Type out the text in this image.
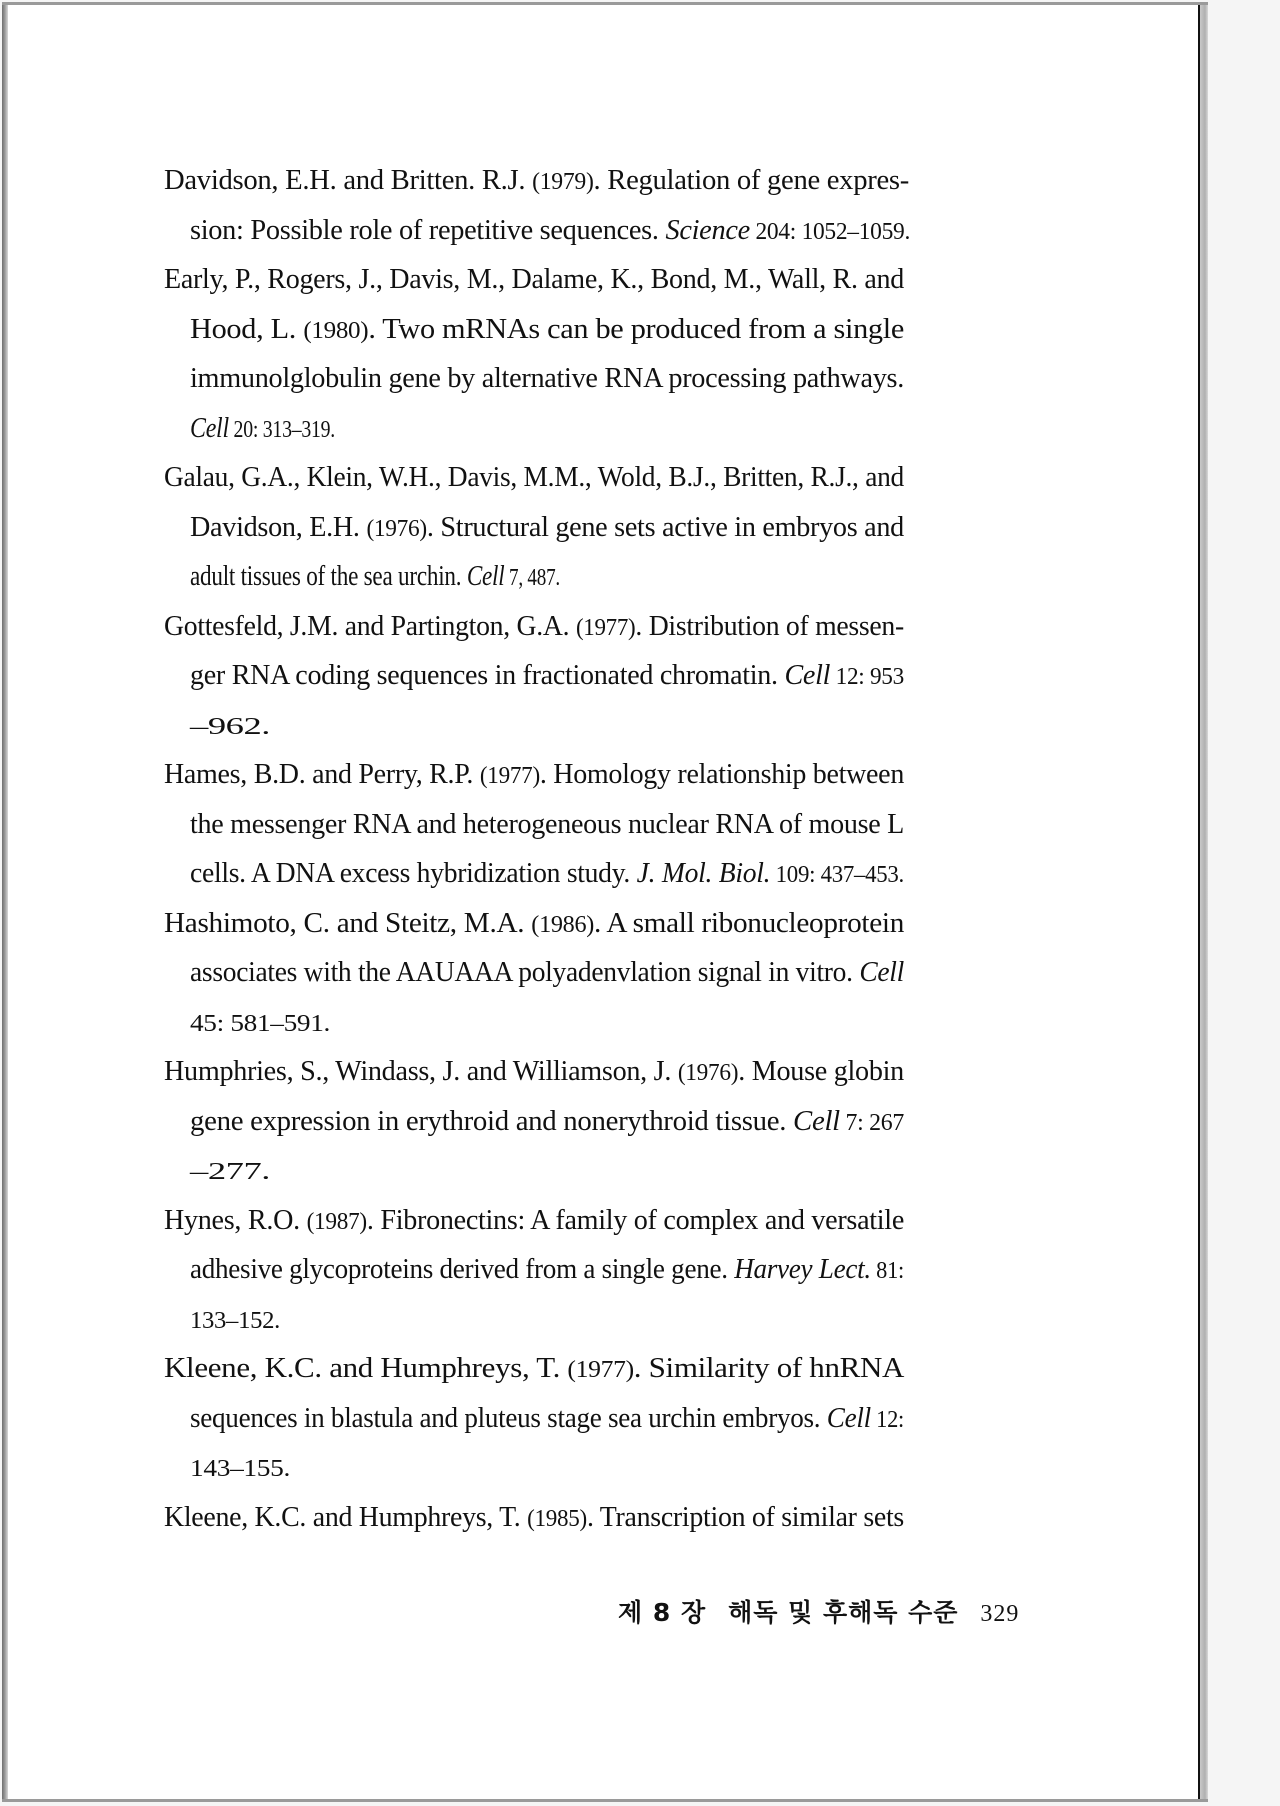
Davidson, E.H. and Britten. R.J. (1979). Regulation of gene expres-
sion: Possible role of repetitive sequences. Science 204: 1052–1059.
Early, P., Rogers, J., Davis, M., Dalame, K., Bond, M., Wall, R. and
Hood, L. (1980). Two mRNAs can be produced from a single
immunolglobulin gene by alternative RNA processing pathways.
Cell 20: 313–319.
Galau, G.A., Klein, W.H., Davis, M.M., Wold, B.J., Britten, R.J., and
Davidson, E.H. (1976). Structural gene sets active in embryos and
adult tissues of the sea urchin. Cell 7, 487.
Gottesfeld, J.M. and Partington, G.A. (1977). Distribution of messen-
ger RNA coding sequences in fractionated chromatin. Cell 12: 953
–962.
Hames, B.D. and Perry, R.P. (1977). Homology relationship between
the messenger RNA and heterogeneous nuclear RNA of mouse L
cells. A DNA excess hybridization study. J. Mol. Biol. 109: 437–453.
Hashimoto, C. and Steitz, M.A. (1986). A small ribonucleoprotein
associates with the AAUAAA polyadenvlation signal in vitro. Cell
45: 581–591.
Humphries, S., Windass, J. and Williamson, J. (1976). Mouse globin
gene expression in erythroid and nonerythroid tissue. Cell 7: 267
–277.
Hynes, R.O. (1987). Fibronectins: A family of complex and versatile
adhesive glycoproteins derived from a single gene. Harvey Lect. 81:
133–152.
Kleene, K.C. and Humphreys, T. (1977). Similarity of hnRNA
sequences in blastula and pluteus stage sea urchin embryos. Cell 12:
143–155.
Kleene, K.C. and Humphreys, T. (1985). Transcription of similar sets
제 8 장 해독 및 후해독 수준 329
